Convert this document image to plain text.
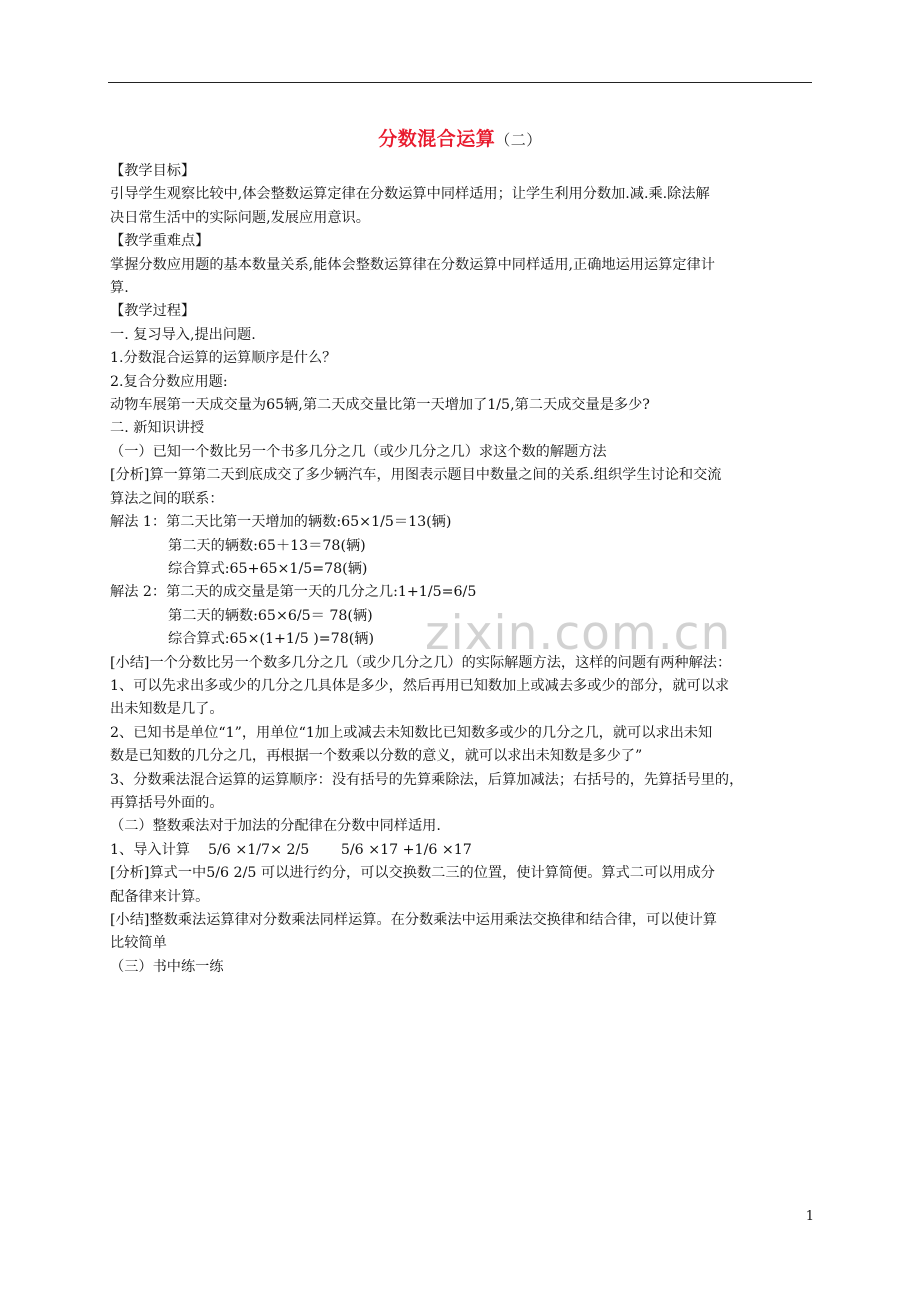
分数混合运算（二）

【教学目标】

引导学生观察比较中,体会整数运算定律在分数运算中同样适用；让学生利用分数加.减.乘.除法解

决日常生活中的实际问题,发展应用意识。

【教学重难点】

掌握分数应用题的基本数量关系,能体会整数运算律在分数运算中同样适用,正确地运用运算定律计

算.

【教学过程】

一. 复习导入,提出问题.

1.分数混合运算的运算顺序是什么？

2.复合分数应用题:

动物车展第一天成交量为65辆,第二天成交量比第一天增加了1/5,第二天成交量是多少?

二. 新知识讲授

（一）已知一个数比另一个书多几分之几（或少几分之几）求这个数的解题方法

[分析]算一算第二天到底成交了多少辆汽车，用图表示题目中数量之间的关系.组织学生讨论和交流

算法之间的联系：

解法 1：第二天比第一天增加的辆数:65×1/5＝13(辆)

第二天的辆数:65＋13＝78(辆)

综合算式:65+65×1/5=78(辆)

解法 2：第二天的成交量是第一天的几分之几:1+1/5=6/5

第二天的辆数:65×6/5＝ 78(辆)

综合算式:65×(1+1/5 )=78(辆)

[小结]一个分数比另一个数多几分之几（或少几分之几）的实际解题方法，这样的问题有两种解法：

1、可以先求出多或少的几分之几具体是多少，然后再用已知数加上或减去多或少的部分，就可以求

出未知数是几了。

2、已知书是单位“1”，用单位“1加上或减去未知数比已知数多或少的几分之几，就可以求出未知

数是已知数的几分之几，再根据一个数乘以分数的意义，就可以求出未知数是多少了”

3、分数乘法混合运算的运算顺序：没有括号的先算乘除法，后算加减法；右括号的，先算括号里的，

再算括号外面的。

（二）整数乘法对于加法的分配律在分数中同样适用.

1、导入计算    5/6 ×1/7× 2/5       5/6 ×17 +1/6 ×17

[分析]算式一中5/6 2/5 可以进行约分，可以交换数二三的位置，使计算简便。算式二可以用成分

配备律来计算。

[小结]整数乘法运算律对分数乘法同样运算。在分数乘法中运用乘法交换律和结合律，可以使计算

比较简单

（三）书中练一练

zixin.com.cn
1
